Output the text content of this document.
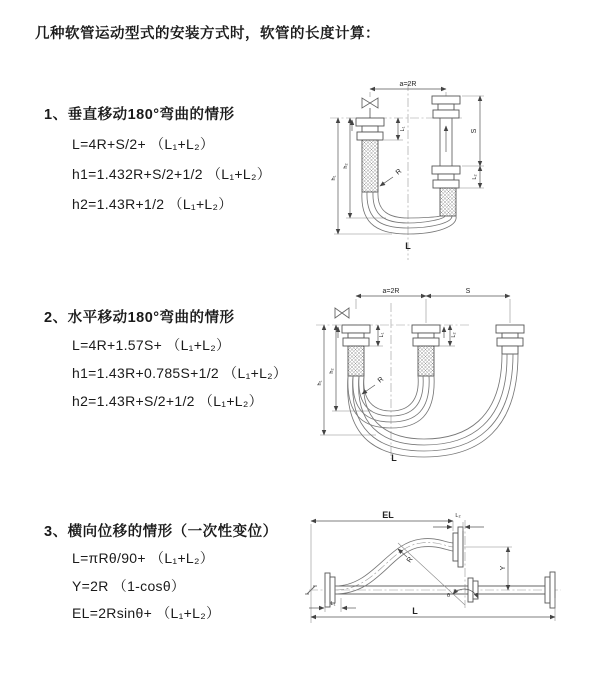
几种软管运动型式的安装方式时，软管的长度计算：
1、垂直移动180°弯曲的情形
L=4R+S/2+ （L₁+L₂）
h1=1.432R+S/2+1/2 （L₁+L₂）
h2=1.43R+1/2 （L₁+L₂）
2、水平移动180°弯曲的情形
L=4R+1.57S+ （L₁+L₂）
h1=1.43R+0.785S+1/2 （L₁+L₂）
h2=1.43R+S/2+1/2 （L₁+L₂）
3、横向位移的情形（一次性变位）
L=πRθ/90+ （L₁+L₂）
Y=2R （1-cosθ）
EL=2Rsinθ+ （L₁+L₂）
a=2R
L₁	S
L₂
h₁
h₂
R
L
a=2R	S
L₁	L₂
h₁
h₂
R
L
EL	L₂
Y
θ
R
L₁
L
